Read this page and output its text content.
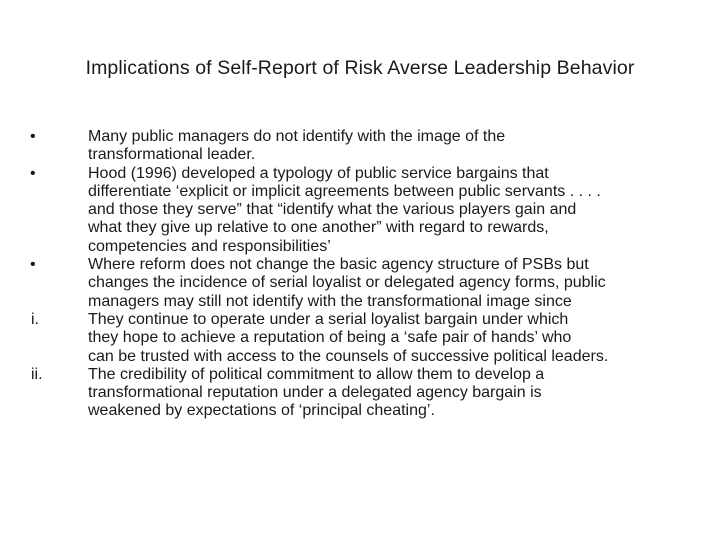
Implications of Self-Report of Risk Averse Leadership Behavior
•	Many public managers do not identify with the image of the
transformational leader.
•	Hood (1996) developed a typology of public service bargains that
differentiate ‘explicit or implicit agreements between public servants . . . .
and those they serve” that “identify what the various players gain and
what they give up relative to one another” with regard to rewards,
competencies and responsibilities’
•	Where reform does not change the basic agency structure of PSBs but
changes the incidence of serial loyalist or delegated agency forms, public
managers may still not identify with the transformational image since
i.	They continue to operate under a serial loyalist bargain under which
they hope to achieve a reputation of being a ‘safe pair of hands’ who
can be trusted with access to the counsels of successive political leaders.
ii.	The credibility of political commitment to allow them to develop a
transformational reputation under a delegated agency bargain is
weakened by expectations of ‘principal cheating’.
